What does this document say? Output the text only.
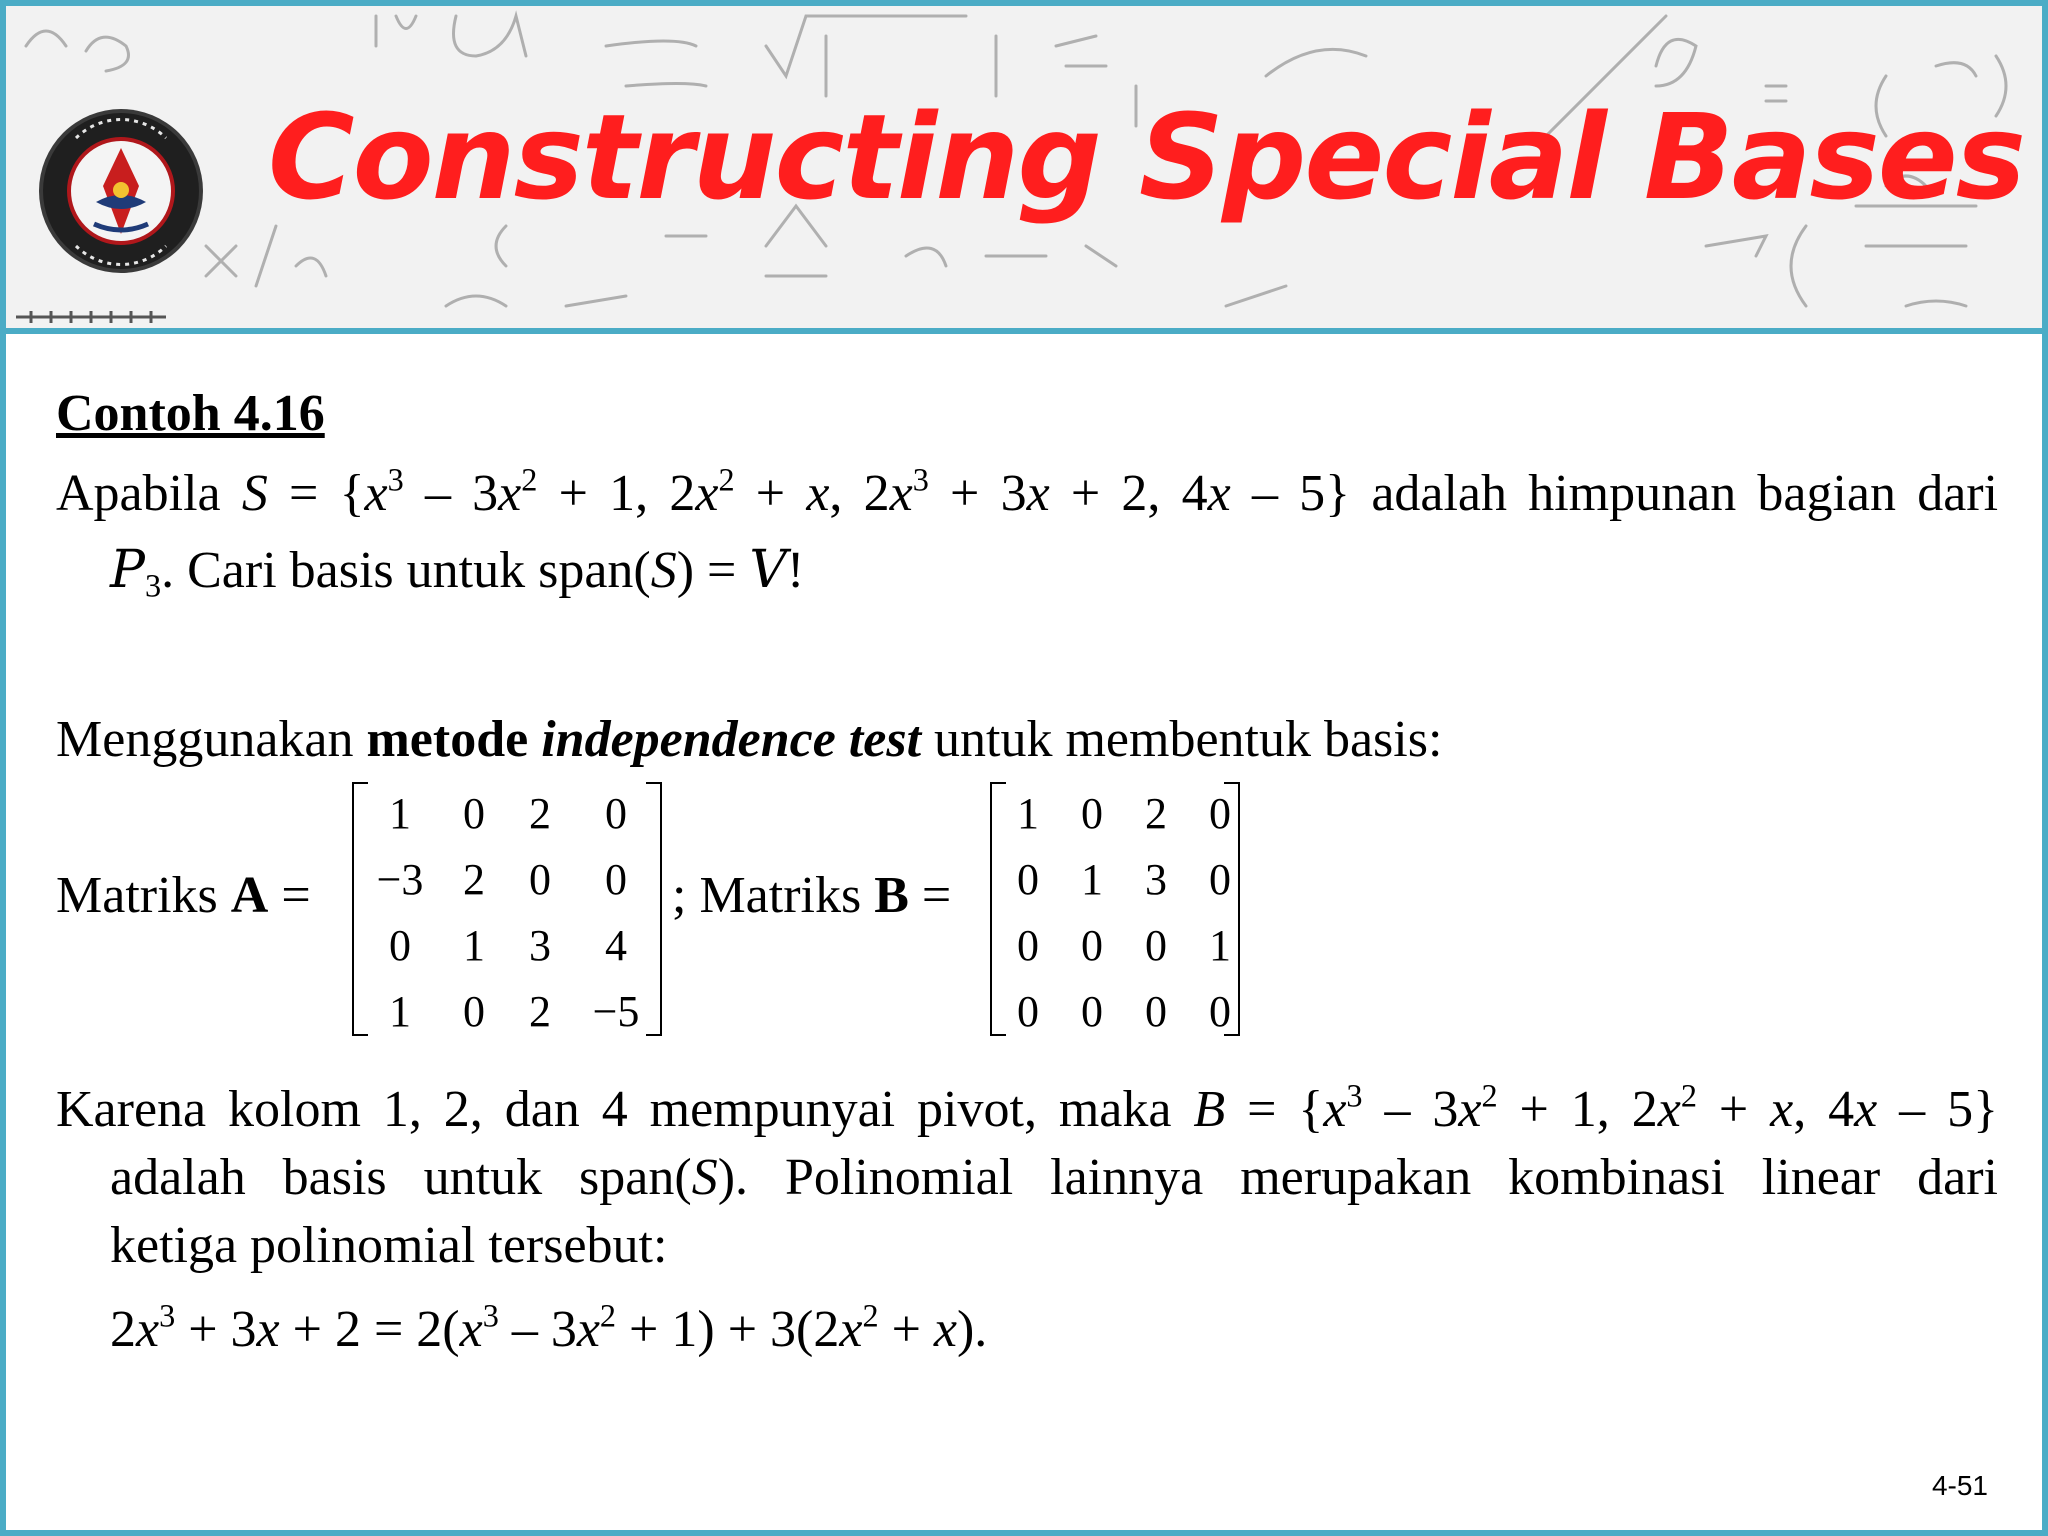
Constructing Special Bases
Contoh 4.16
Apabila $S = \{x^3 - 3x^2 + 1$, $2x^2 + x$, $2x^3 + 3x + 2$, 4x – 5} adalah himpunan bagian dari
$P_3$. Cari basis untuk span(S) = V!
Menggunakan metode independence test untuk membentuk basis:
Matriks A =
1	0	2	0
−3 2	0	0
0	1	3	4
1	0	2 −5
; Matriks B =
1 0 2 0
0 1 3 0
0 0 0 1
0 0 0 0
Karena kolom 1, 2, dan 4 mempunyai pivot, maka $B = \{x^3 - 3x^2 + 1$, $2x^2 + x$, 4x – 5}
adalah basis untuk span(S). Polinomial lainnya merupakan kombinasi linear dari
ketiga polinomial tersebut:
$2x^3 + 3x + 2 = 2(x^3 - 3x^2 + 1) + 3(2x^2 + x)$.
4-51
